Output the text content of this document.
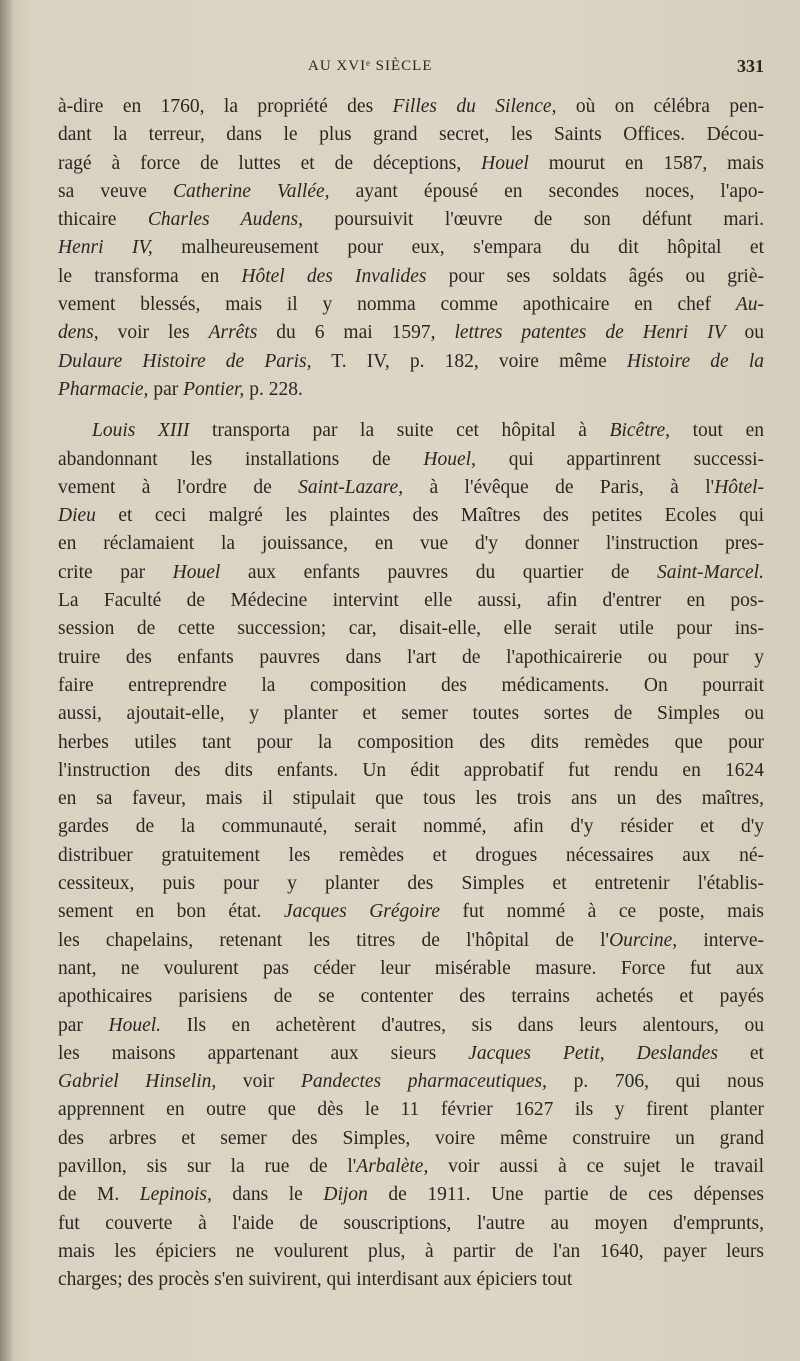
AU XVIᵉ SIÈCLE	331

à-dire en 1760, la propriété des Filles du Silence, où on célébra pen-

dant la terreur, dans le plus grand secret, les Saints Offices. Décou-

ragé à force de luttes et de déceptions, Houel mourut en 1587, mais

sa veuve Catherine Vallée, ayant épousé en secondes noces, l'apo-

thicaire Charles Audens, poursuivit l'œuvre de son défunt mari.

Henri IV, malheureusement pour eux, s'empara du dit hôpital et

le transforma en Hôtel des Invalides pour ses soldats âgés ou griè-

vement blessés, mais il y nomma comme apothicaire en chef Au-

dens, voir les Arrêts du 6 mai 1597, lettres patentes de Henri IV ou

Dulaure Histoire de Paris, T. IV, p. 182, voire même Histoire de la

Pharmacie, par Pontier, p. 228.

Louis XIII transporta par la suite cet hôpital à Bicêtre, tout en

abandonnant les installations de Houel, qui appartinrent successi-

vement à l'ordre de Saint-Lazare, à l'évêque de Paris, à l'Hôtel-

Dieu et ceci malgré les plaintes des Maîtres des petites Ecoles qui

en réclamaient la jouissance, en vue d'y donner l'instruction pres-

crite par Houel aux enfants pauvres du quartier de Saint-Marcel.

La Faculté de Médecine intervint elle aussi, afin d'entrer en pos-

session de cette succession; car, disait-elle, elle serait utile pour ins-

truire des enfants pauvres dans l'art de l'apothicairerie ou pour y

faire entreprendre la composition des médicaments. On pourrait

aussi, ajoutait-elle, y planter et semer toutes sortes de Simples ou

herbes utiles tant pour la composition des dits remèdes que pour

l'instruction des dits enfants. Un édit approbatif fut rendu en 1624

en sa faveur, mais il stipulait que tous les trois ans un des maîtres,

gardes de la communauté, serait nommé, afin d'y résider et d'y

distribuer gratuitement les remèdes et drogues nécessaires aux né-

cessiteux, puis pour y planter des Simples et entretenir l'établis-

sement en bon état. Jacques Grégoire fut nommé à ce poste, mais

les chapelains, retenant les titres de l'hôpital de l'Ourcine, interve-

nant, ne voulurent pas céder leur misérable masure. Force fut aux

apothicaires parisiens de se contenter des terrains achetés et payés

par Houel. Ils en achetèrent d'autres, sis dans leurs alentours, ou

les maisons appartenant aux sieurs Jacques Petit, Deslandes et

Gabriel Hinselin, voir Pandectes pharmaceutiques, p. 706, qui nous

apprennent en outre que dès le 11 février 1627 ils y firent planter

des arbres et semer des Simples, voire même construire un grand

pavillon, sis sur la rue de l'Arbalète, voir aussi à ce sujet le travail

de M. Lepinois, dans le Dijon de 1911. Une partie de ces dépenses

fut couverte à l'aide de souscriptions, l'autre au moyen d'emprunts,

mais les épiciers ne voulurent plus, à partir de l'an 1640, payer leurs

charges; des procès s'en suivirent, qui interdisant aux épiciers tout
